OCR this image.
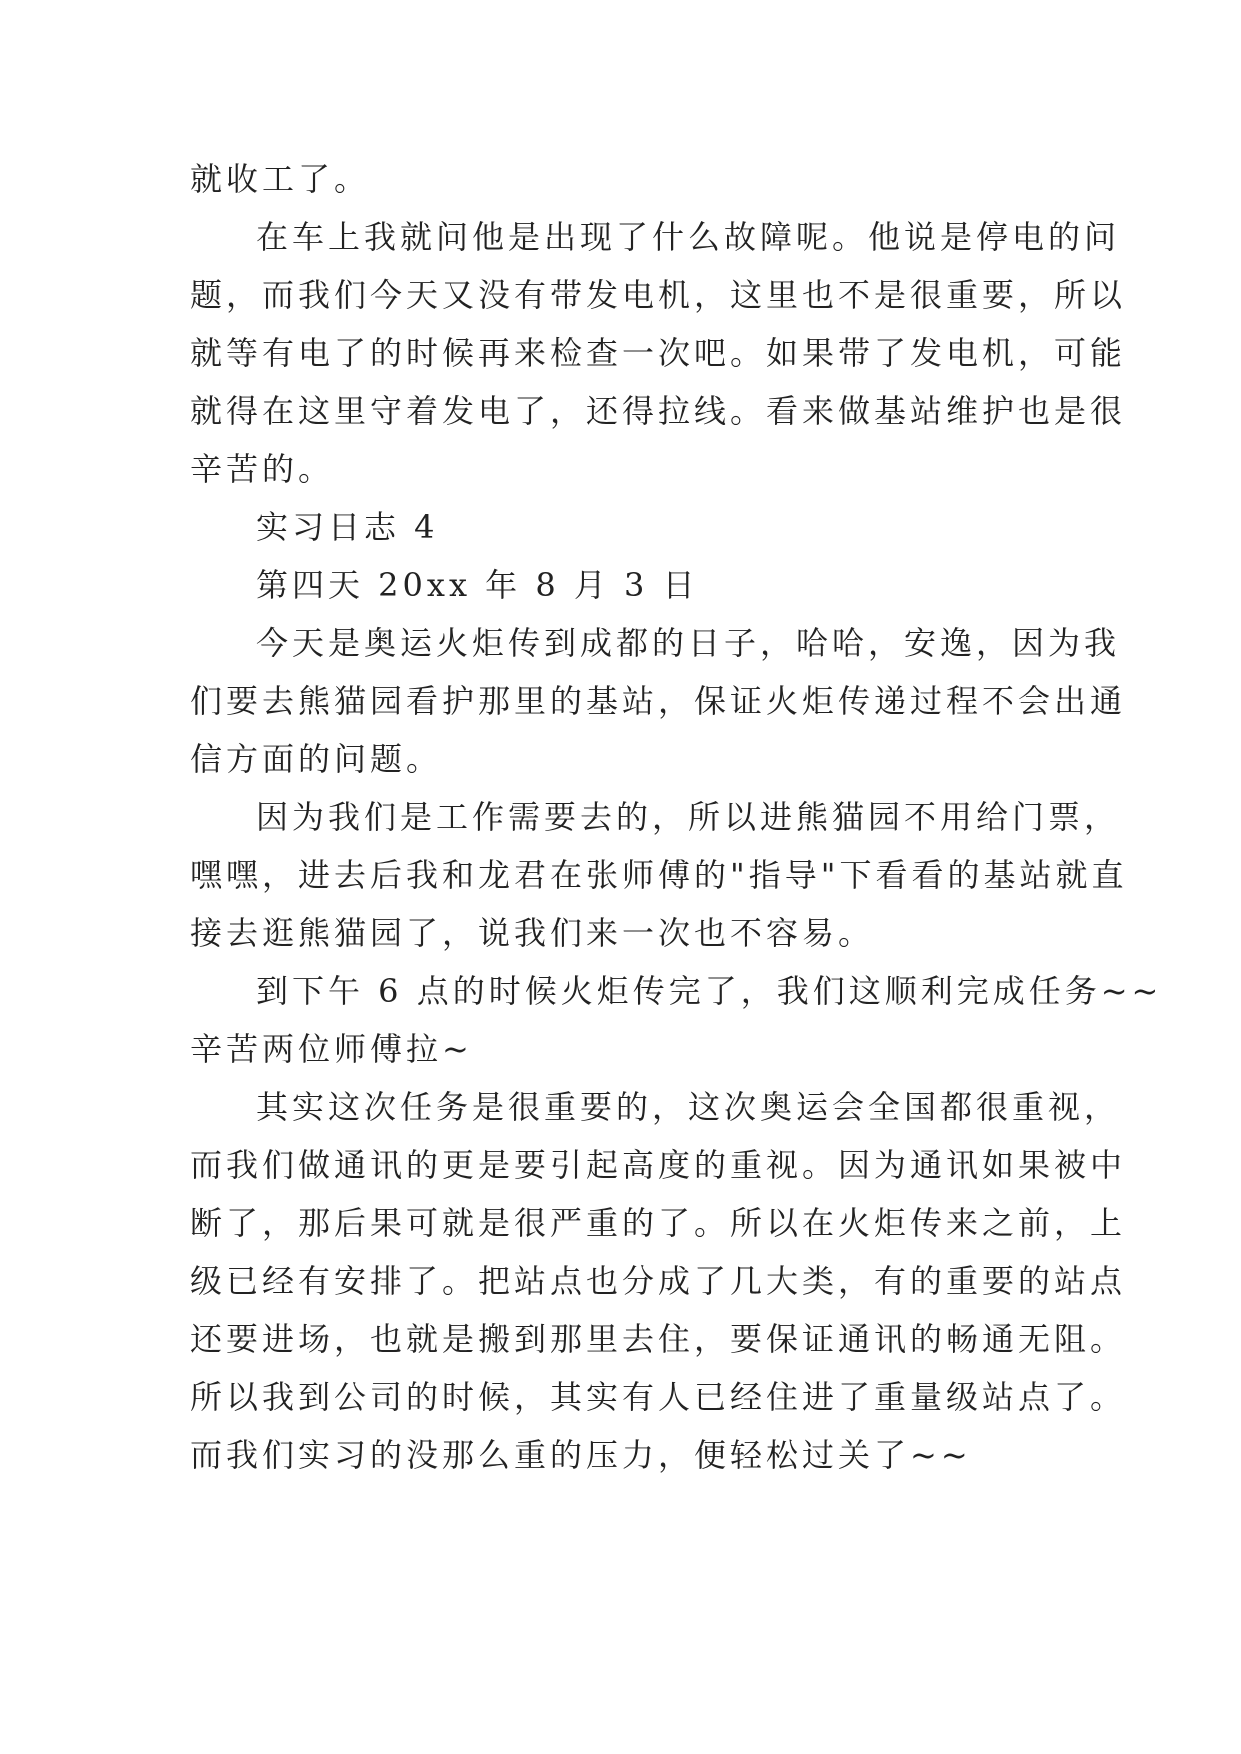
就收工了。
在车上我就问他是出现了什么故障呢。他说是停电的问
题，而我们今天又没有带发电机，这里也不是很重要，所以
就等有电了的时候再来检查一次吧。如果带了发电机，可能
就得在这里守着发电了，还得拉线。看来做基站维护也是很
辛苦的。
实习日志 4
第四天 20xx 年 8 月 3 日
今天是奥运火炬传到成都的日子，哈哈，安逸，因为我
们要去熊猫园看护那里的基站，保证火炬传递过程不会出通
信方面的问题。
因为我们是工作需要去的，所以进熊猫园不用给门票，
嘿嘿，进去后我和龙君在张师傅的"指导"下看看的基站就直
接去逛熊猫园了，说我们来一次也不容易。
到下午 6 点的时候火炬传完了，我们这顺利完成任务~~
辛苦两位师傅拉~
其实这次任务是很重要的，这次奥运会全国都很重视，
而我们做通讯的更是要引起高度的重视。因为通讯如果被中
断了，那后果可就是很严重的了。所以在火炬传来之前，上
级已经有安排了。把站点也分成了几大类，有的重要的站点
还要进场，也就是搬到那里去住，要保证通讯的畅通无阻。
所以我到公司的时候，其实有人已经住进了重量级站点了。
而我们实习的没那么重的压力，便轻松过关了~~
